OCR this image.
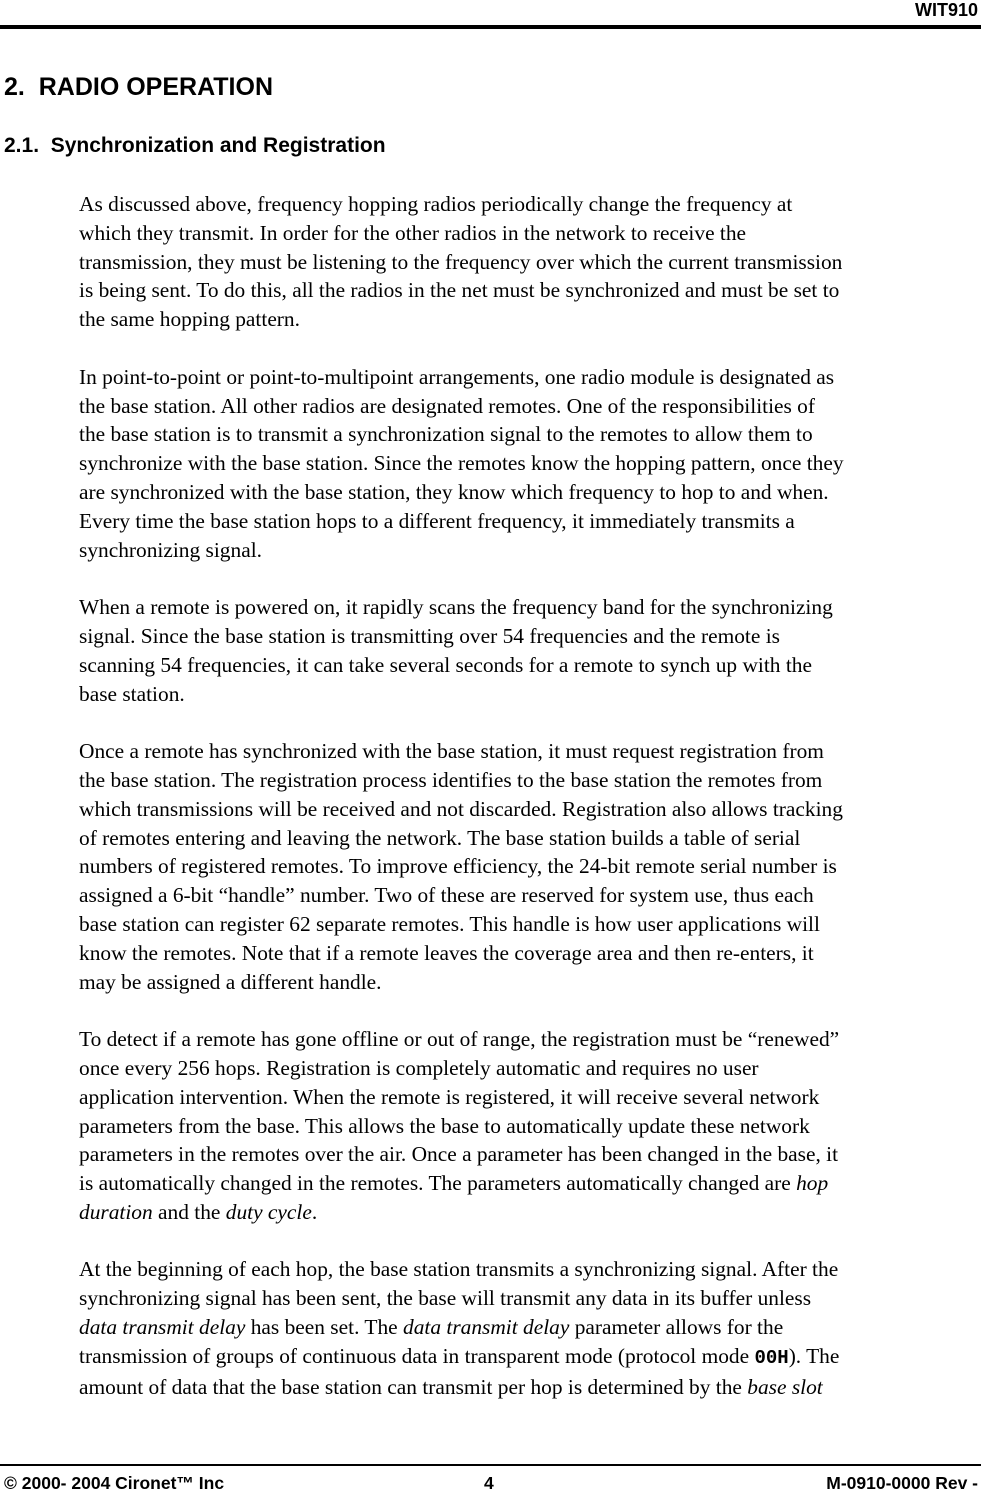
WIT910
2.  RADIO OPERATION
2.1.  Synchronization and Registration
As discussed above, frequency hopping radios periodically change the frequency at
which they transmit. In order for the other radios in the network to receive the
transmission, they must be listening to the frequency over which the current transmission
is being sent. To do this, all the radios in the net must be synchronized and must be set to
the same hopping pattern.
In point-to-point or point-to-multipoint arrangements, one radio module is designated as
the base station. All other radios are designated remotes. One of the responsibilities of
the base station is to transmit a synchronization signal to the remotes to allow them to
synchronize with the base station. Since the remotes know the hopping pattern, once they
are synchronized with the base station, they know which frequency to hop to and when.
Every time the base station hops to a different frequency, it immediately transmits a
synchronizing signal.
When a remote is powered on, it rapidly scans the frequency band for the synchronizing
signal. Since the base station is transmitting over 54 frequencies and the remote is
scanning 54 frequencies, it can take several seconds for a remote to synch up with the
base station.
Once a remote has synchronized with the base station, it must request registration from
the base station. The registration process identifies to the base station the remotes from
which transmissions will be received and not discarded. Registration also allows tracking
of remotes entering and leaving the network. The base station builds a table of serial
numbers of registered remotes. To improve efficiency, the 24-bit remote serial number is
assigned a 6-bit “handle” number. Two of these are reserved for system use, thus each
base station can register 62 separate remotes. This handle is how user applications will
know the remotes. Note that if a remote leaves the coverage area and then re-enters, it
may be assigned a different handle.
To detect if a remote has gone offline or out of range, the registration must be “renewed”
once every 256 hops. Registration is completely automatic and requires no user
application intervention. When the remote is registered, it will receive several network
parameters from the base. This allows the base to automatically update these network
parameters in the remotes over the air. Once a parameter has been changed in the base, it
is automatically changed in the remotes. The parameters automatically changed are hop
duration and the duty cycle.
At the beginning of each hop, the base station transmits a synchronizing signal. After the
synchronizing signal has been sent, the base will transmit any data in its buffer unless
data transmit delay has been set. The data transmit delay parameter allows for the
transmission of groups of continuous data in transparent mode (protocol mode 00H). The
amount of data that the base station can transmit per hop is determined by the base slot
© 2000- 2004 Cironet™ Inc	4	M-0910-0000 Rev -
